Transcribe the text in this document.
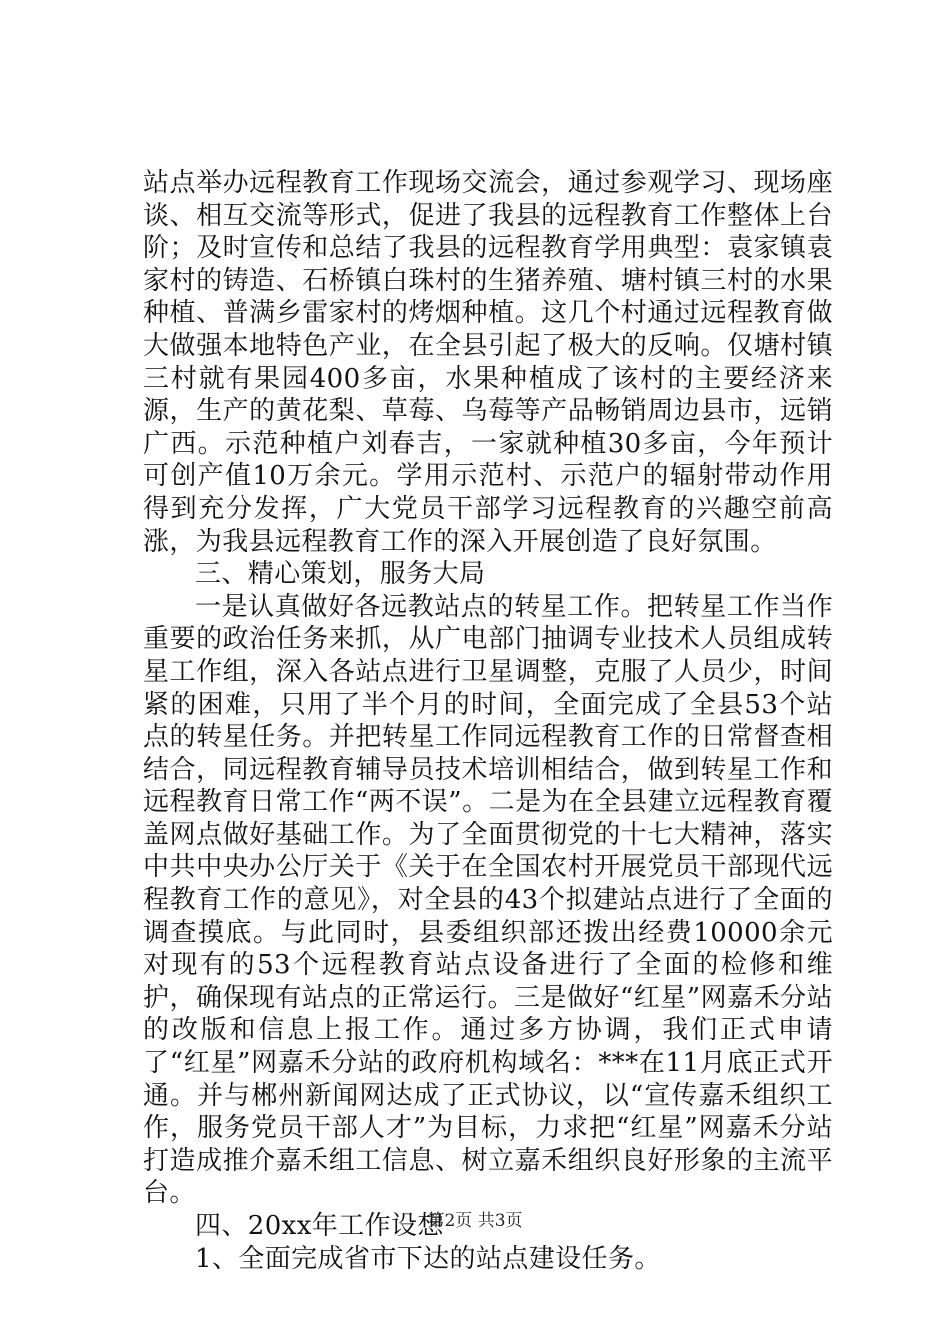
站点举办远程教育工作现场交流会，通过参观学习、现场座谈、相互交流等形式，促进了我县的远程教育工作整体上台阶；及时宣传和总结了我县的远程教育学用典型：袁家镇袁家村的铸造、石桥镇白珠村的生猪养殖、塘村镇三村的水果种植、普满乡雷家村的烤烟种植。这几个村通过远程教育做大做强本地特色产业，在全县引起了极大的反响。仅塘村镇三村就有果园400多亩，水果种植成了该村的主要经济来源，生产的黄花梨、草莓、乌莓等产品畅销周边县市，远销广西。示范种植户刘春吉，一家就种植30多亩，今年预计可创产值10万余元。学用示范村、示范户的辐射带动作用得到充分发挥，广大党员干部学习远程教育的兴趣空前高涨，为我县远程教育工作的深入开展创造了良好氛围。

三、精心策划，服务大局

一是认真做好各远教站点的转星工作。把转星工作当作重要的政治任务来抓，从广电部门抽调专业技术人员组成转星工作组，深入各站点进行卫星调整，克服了人员少，时间紧的困难，只用了半个月的时间，全面完成了全县53个站点的转星任务。并把转星工作同远程教育工作的日常督查相结合，同远程教育辅导员技术培训相结合，做到转星工作和远程教育日常工作“两不误”。二是为在全县建立远程教育覆盖网点做好基础工作。为了全面贯彻党的十七大精神，落实中共中央办公厅关于《关于在全国农村开展党员干部现代远程教育工作的意见》，对全县的43个拟建站点进行了全面的调查摸底。与此同时，县委组织部还拨出经费10000余元对现有的53个远程教育站点设备进行了全面的检修和维护，确保现有站点的正常运行。三是做好“红星”网嘉禾分站的改版和信息上报工作。通过多方协调，我们正式申请了“红星”网嘉禾分站的政府机构域名：***在11月底正式开通。并与郴州新闻网达成了正式协议，以“宣传嘉禾组织工作，服务党员干部人才”为目标，力求把“红星”网嘉禾分站打造成推介嘉禾组工信息、树立嘉禾组织良好形象的主流平台。

四、20xx年工作设想

1、全面完成省市下达的站点建设任务。

第2页 共3页
